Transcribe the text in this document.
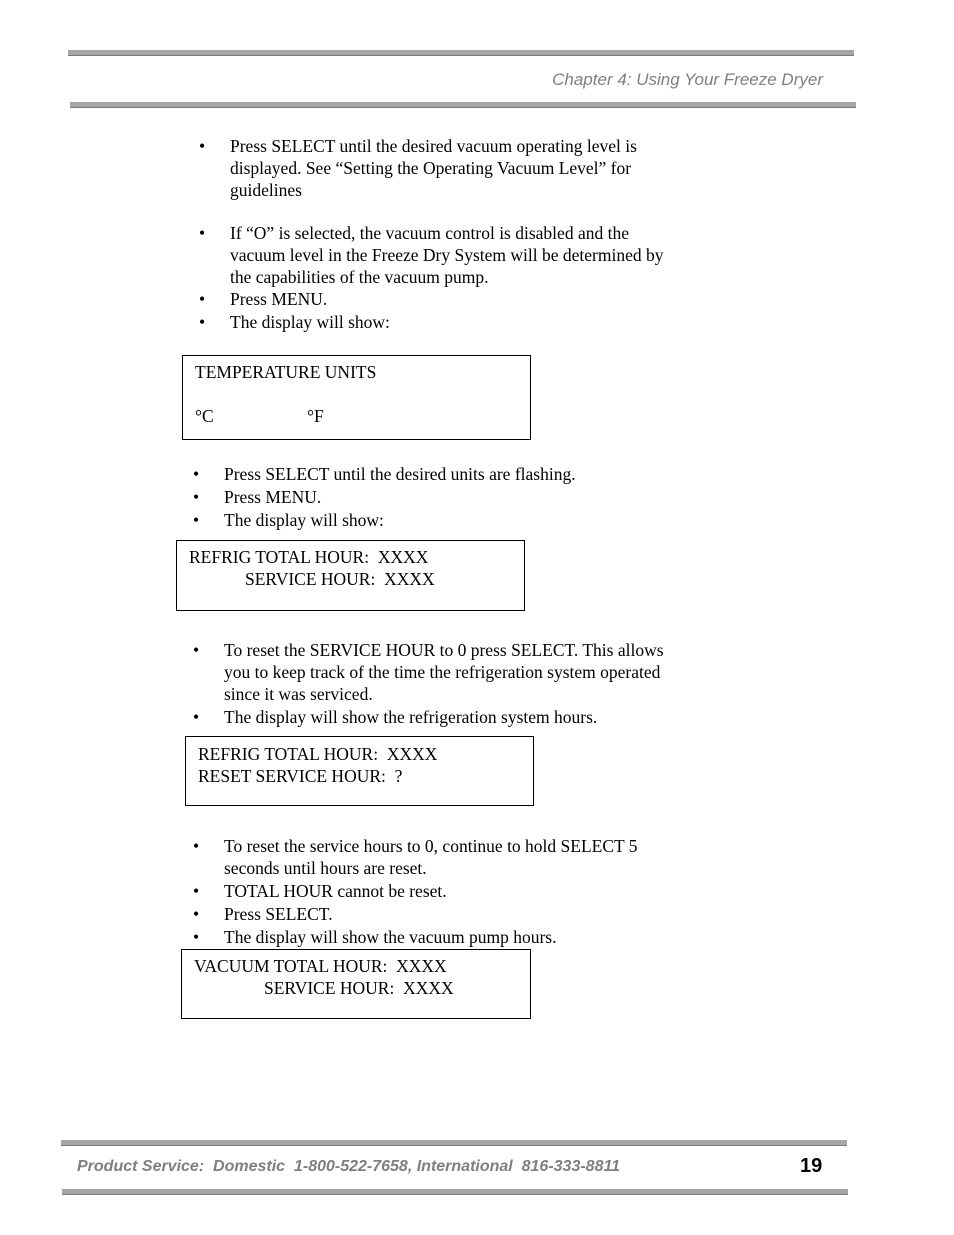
Chapter 4: Using Your Freeze Dryer
• Press SELECT until the desired vacuum operating level is displayed. See “Setting the Operating Vacuum Level” for guidelines
• If “O” is selected, the vacuum control is disabled and the vacuum level in the Freeze Dry System will be determined by the capabilities of the vacuum pump.
• Press MENU.
• The display will show:
TEMPERATURE UNITS
°C	°F
• Press SELECT until the desired units are flashing.
• Press MENU.
• The display will show:
REFRIG TOTAL HOUR:  XXXX
SERVICE HOUR:  XXXX
• To reset the SERVICE HOUR to 0 press SELECT. This allows you to keep track of the time the refrigeration system operated since it was serviced.
• The display will show the refrigeration system hours.
REFRIG TOTAL HOUR:  XXXX
RESET SERVICE HOUR:  ?
• To reset the service hours to 0, continue to hold SELECT 5 seconds until hours are reset.
• TOTAL HOUR cannot be reset.
• Press SELECT.
• The display will show the vacuum pump hours.
VACUUM TOTAL HOUR:  XXXX
SERVICE HOUR:  XXXX
Product Service:  Domestic  1-800-522-7658, International  816-333-8811	19
